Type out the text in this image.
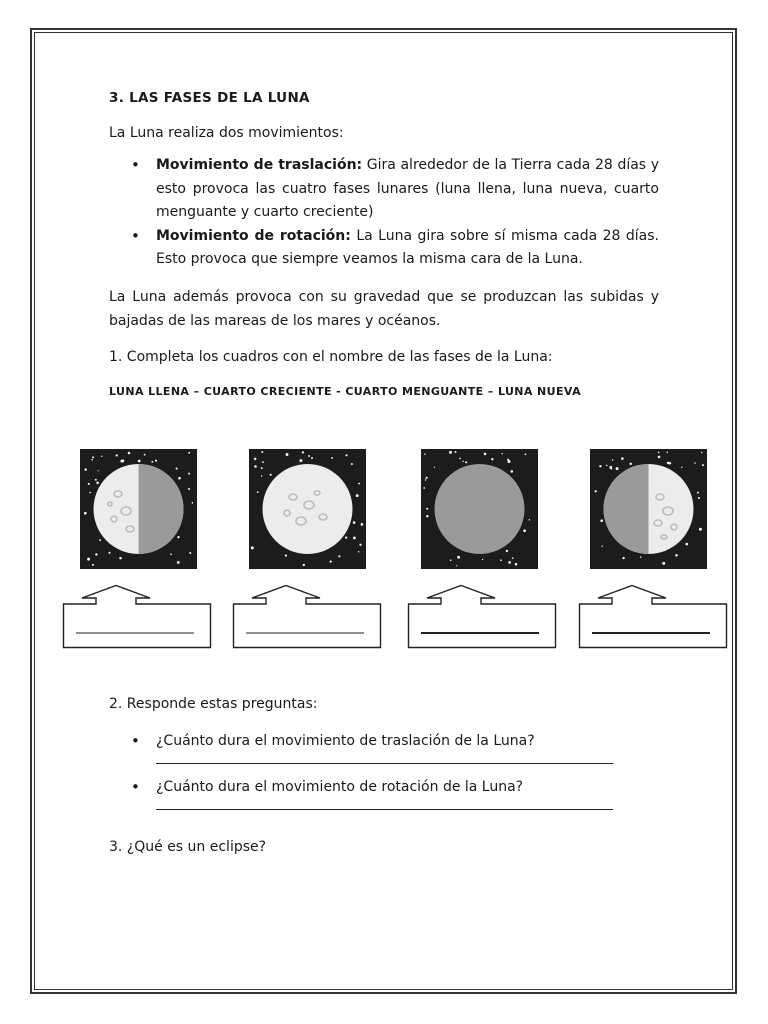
3. LAS FASES DE LA LUNA
La Luna realiza dos movimientos:
• Movimiento de traslación: Gira alrededor de la Tierra cada 28 días y esto provoca las cuatro fases lunares (luna llena, luna nueva, cuarto menguante y cuarto creciente)
• Movimiento de rotación: La Luna gira sobre sí misma cada 28 días. Esto provoca que siempre veamos la misma cara de la Luna.
La Luna además provoca con su gravedad que se produzcan las subidas y bajadas de las mareas de los mares y océanos.
1. Completa los cuadros con el nombre de las fases de la Luna:
LUNA LLENA – CUARTO CRECIENTE - CUARTO MENGUANTE – LUNA NUEVA
2. Responde estas preguntas:
• ¿Cuánto dura el movimiento de traslación de la Luna?
• ¿Cuánto dura el movimiento de rotación de la Luna?
3. ¿Qué es un eclipse?
